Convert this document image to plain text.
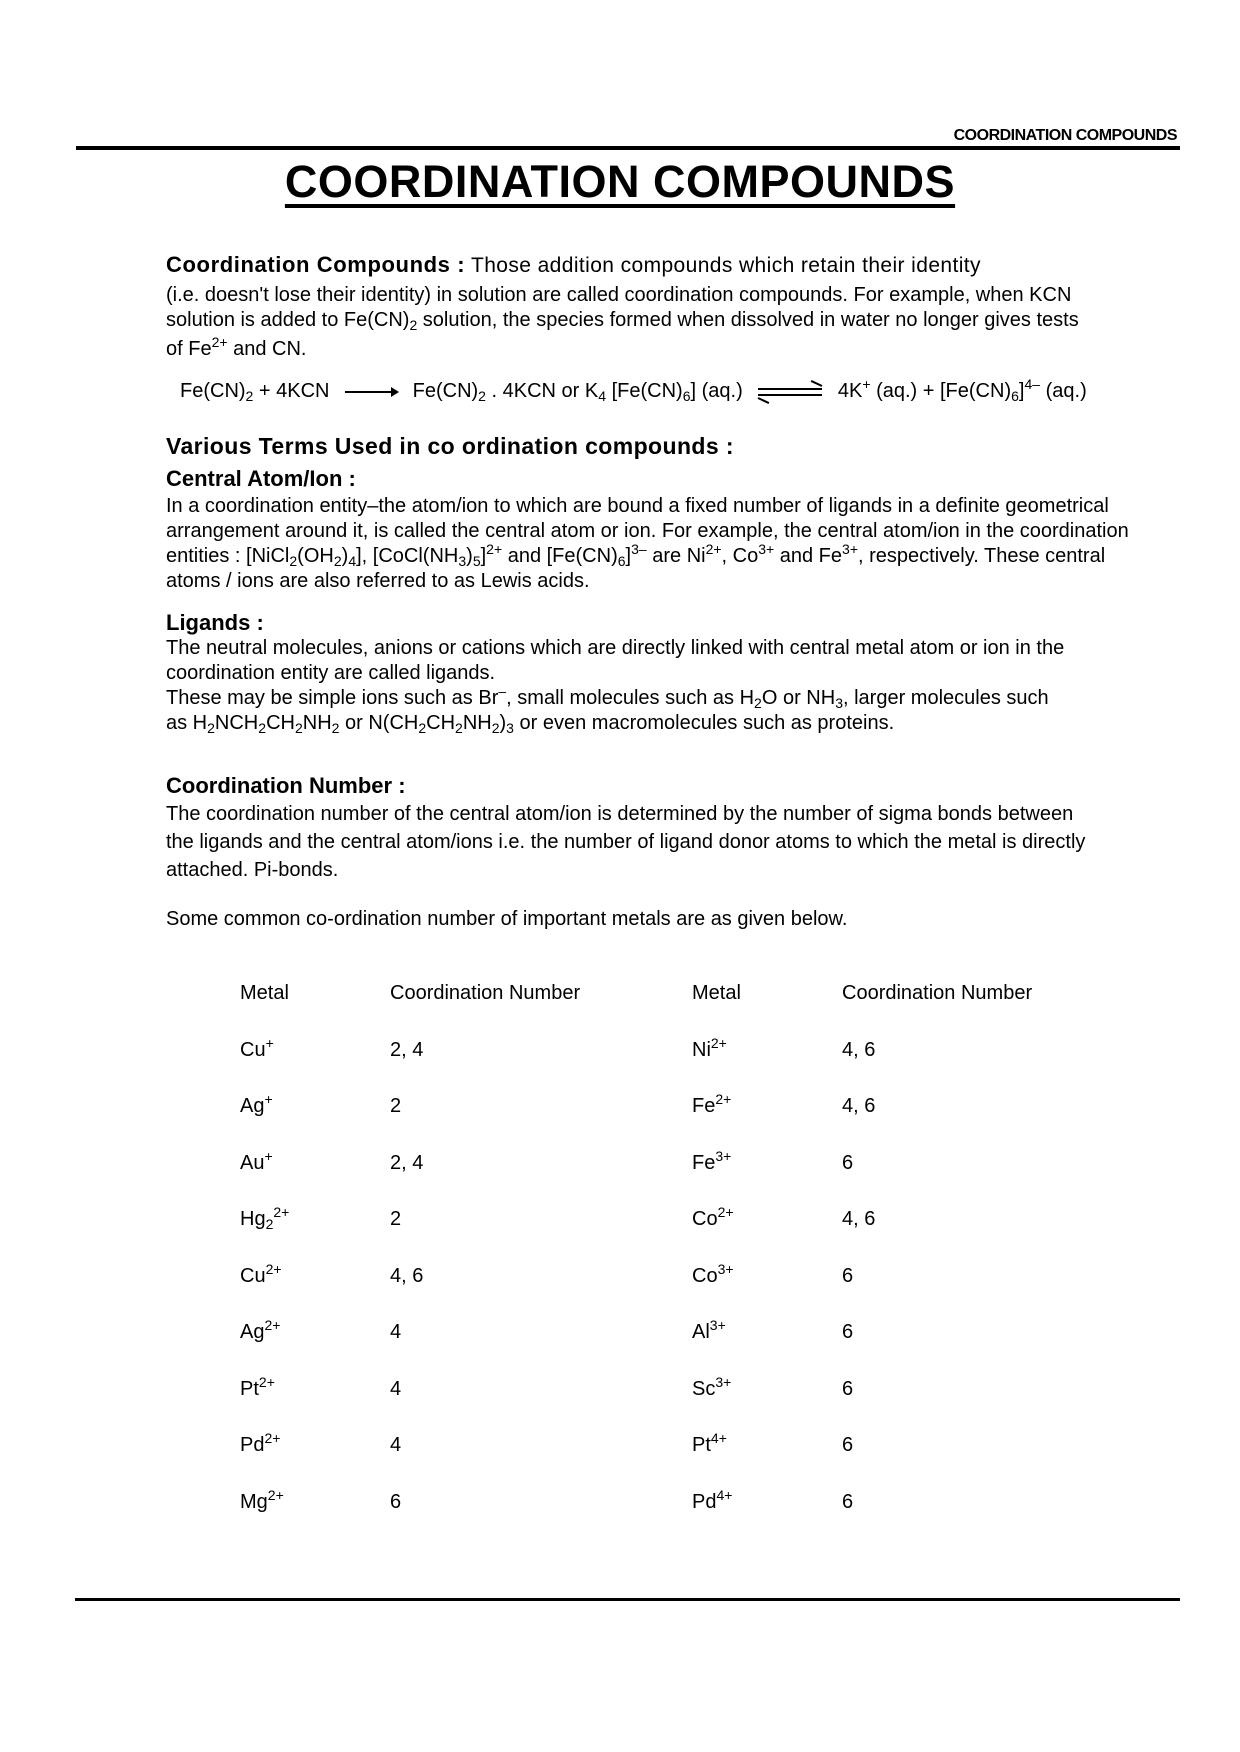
COORDINATION COMPOUNDS
COORDINATION COMPOUNDS
Coordination Compounds : Those addition compounds which retain their identity
(i.e. doesn't lose their identity) in solution are called coordination compounds. For example, when KCN
solution is added to $Fe(CN)_2$ solution, the species formed when dissolved in water no longer gives tests
of $Fe^{2+}$ and CN.
$Fe(CN)_2 + 4KCN \to Fe(CN)_2$ . 4KCN or $K_4$ $[Fe(CN)_6]$ (aq.)	4K+ $(aq.) + [Fe(CN)_6]^{4-}$ (aq.)
Various Terms Used in co ordination compounds :
Central Atom/Ion :
In a coordination entity–the atom/ion to which are bound a fixed number of ligands in a definite geometrical
arrangement around it, is called the central atom or ion. For example, the central atom/ion in the coordination
entities : $[NiCl_2(OH_2)_4]$, $[CoCl(NH_3)_5]^{2+}$ and $[Fe(CN)_6]^{3-}$ are $Ni^{2+}$, $Co^{3+}$ and $Fe^{3+}$, respectively. These central
atoms / ions are also referred to as Lewis acids.
Ligands :
The neutral molecules, anions or cations which are directly linked with central metal atom or ion in the
coordination entity are called ligands.
These may be simple ions such as Br–, small molecules such as $H_2O$ or $NH_3$, larger molecules such
as $H_2NCH_2CH_2NH_2$ or $N(CH_2CH_2NH_2)_3$ or even macromolecules such as proteins.
Coordination Number :
The coordination number of the central atom/ion is determined by the number of sigma bonds between
the ligands and the central atom/ions i.e. the number of ligand donor atoms to which the metal is directly
attached. Pi-bonds.
Some common co-ordination number of important metals are as given below.
Metal	Coordination Number	Metal	Coordination Number
Cu+	2, 4	$Ni^{2+}$	4, 6
Ag+	2	$Fe^{2+}$	4, 6
Au+	2, 4	$Fe^{3+}$	6
$Hg_2^{2+}$	2	$Co^{2+}$	4, 6
$Cu^{2+}$	4, 6	$Co^{3+}$	6
$Ag^{2+}$	4	$Al^{3+}$	6
$Pt^{2+}$	4	$Sc^{3+}$	6
$Pd^{2+}$	4	$Pt^{4+}$	6
$Mg^{2+}$	6	$Pd^{4+}$	6
